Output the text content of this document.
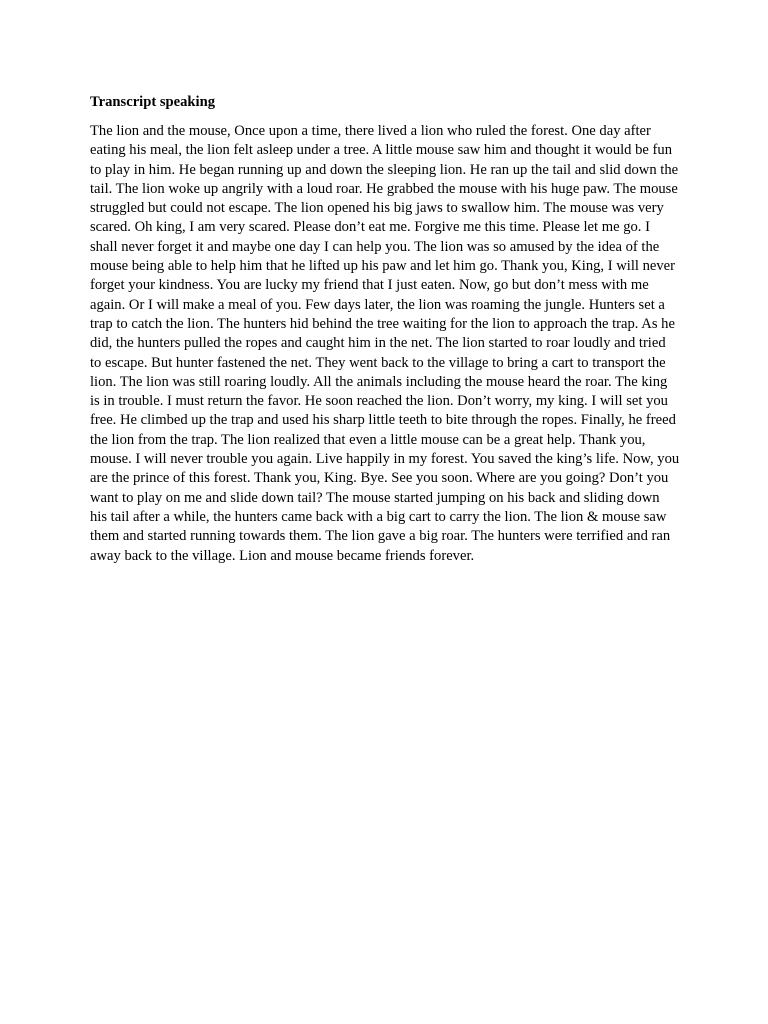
Transcript speaking

The lion and the mouse, Once upon a time, there lived a lion who ruled the forest. One day after eating his meal, the lion felt asleep under a tree. A little mouse saw him and thought it would be fun to play in him. He began running up and down the sleeping lion. He ran up the tail and slid down the tail. The lion woke up angrily with a loud roar. He grabbed the mouse with his huge paw. The mouse struggled but could not escape. The lion opened his big jaws to swallow him. The mouse was very scared. Oh king, I am very scared. Please don’t eat me. Forgive me this time. Please let me go. I shall never forget it and maybe one day I can help you. The lion was so amused by the idea of the mouse being able to help him that he lifted up his paw and let him go. Thank you, King, I will never forget your kindness. You are lucky my friend that I just eaten. Now, go but don’t mess with me again. Or I will make a meal of you. Few days later, the lion was roaming the jungle. Hunters set a trap to catch the lion. The hunters hid behind the tree waiting for the lion to approach the trap. As he did, the hunters pulled the ropes and caught him in the net. The lion started to roar loudly and tried to escape. But hunter fastened the net. They went back to the village to bring a cart to transport the lion. The lion was still roaring loudly. All the animals including the mouse heard the roar. The king is in trouble. I must return the favor. He soon reached the lion. Don’t worry, my king. I will set you free. He climbed up the trap and used his sharp little teeth to bite through the ropes. Finally, he freed the lion from the trap. The lion realized that even a little mouse can be a great help. Thank you, mouse. I will never trouble you again. Live happily in my forest. You saved the king’s life. Now, you are the prince of this forest. Thank you, King. Bye. See you soon. Where are you going? Don’t you want to play on me and slide down tail? The mouse started jumping on his back and sliding down his tail after a while, the hunters came back with a big cart to carry the lion. The lion & mouse saw them and started running towards them. The lion gave a big roar. The hunters were terrified and ran away back to the village. Lion and mouse became friends forever.
